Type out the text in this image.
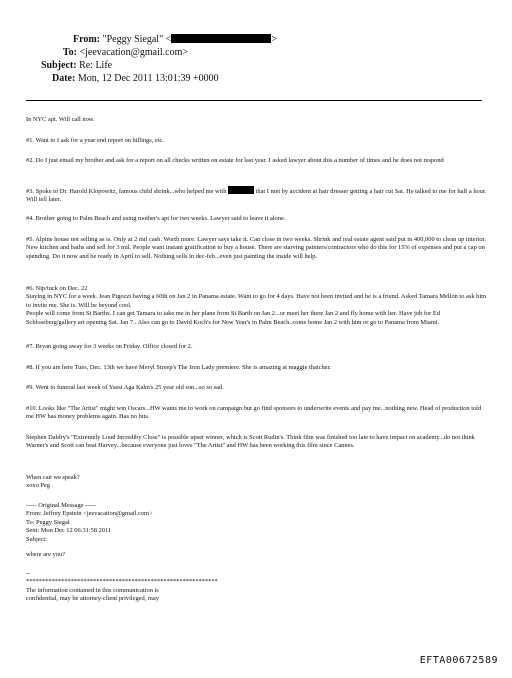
From: "Peggy Siegal" <	>
To: <jeevacation@gmail.com>
Subject: Re: Life
Date: Mon, 12 Dec 2011 13:01:39 +0000

In NYC apt. Will call now.

#1. Want to I ask for a year end report on billings, etc.

#2. Do I just email my brother and ask for a report on all checks written on estate for last year. I asked lawyer about this a number of times and he does not respond

#3. Spoke to Dr. Harold Klopowitz, famous child shrink...who helped me with	that I met by accident at hair dresser getting a hair cut Sat. He talked to me for half a hour. Will tell later.

#4. Brother going to Palm Beach and using mother's apt for two weeks. Lawyer said to leave it alone.

#5. Alpine house not selling as is. Only at 2 mil cash. Worth more. Lawyer says take it. Can close in two weeks. Shrink and real estate agent said put in 400,000 to clean up interior. New kitchen and baths and sell for 3 mil. People want instant gratification to buy a house. There are starving painters/contractors who do this for 15% of expenses and put a cap on spending. Do it now and be ready in April to sell. Nothing sells in dec-feb...even just painting the inside will help.

#6. Nip/tuck on Dec. 22
Staying in NYC for a week. Jean Pigozzi having a 60th on Jan 2 in Panama estate. Want to go for 4 days. Have not been invited and he is a friend. Asked Tamara Mellon to ask him to invite me. She is. Will be beyond cool.
People will come from St Barths. I can get Tamara to take me in her plane from St Barth on Jan 2...or meet her there Jan 2 and fly home with her. Have job for Ed Schlossberg/gallery art opening Sat. Jan 7.. Also can go to David Koch's for New Year's in Palm Beach..come home Jan 2 with him or go to Panama from Miami.

#7. Bryan going away for 3 weeks on Friday. Office closed for 2.

#8. If you are here Tues, Dec. 13th we have Meryl Streep's The Iron Lady premiere. She is amazing at maggie thatcher.

#9. Went to funeral last week of Yassi Aga Kahn's 25 year old son...so so sad.

#10. Looks like "The Artist" might win Oscars...HW wants me to work on campaign but go find sponsors to underwrite events and pay me...nothing new. Head of production told me HW has money problems again. Has no hits.

Stephen Daldry's "Extremely Loud Incrediby Close" is possible upset winner, which is Scott Rudin's. Think film was finished too late to have impact on academy...do not think Warner's and Scott can beat Harvey...because everyone just loves "The Artist" and HW has been working this film since Cannes.

When can we speak?
xoxo Peg

----- Original Message -----
From: Jeffrey Epstein <jeevacation@gmail.com>
To: Peggy Siegal
Sent: Mon Dec 12 06:31:58 2011
Subject:

where are you?

--
************************************************************
The information contained in this communication is
confidential, may be attorney-client privileged, may

EFTA00672589
